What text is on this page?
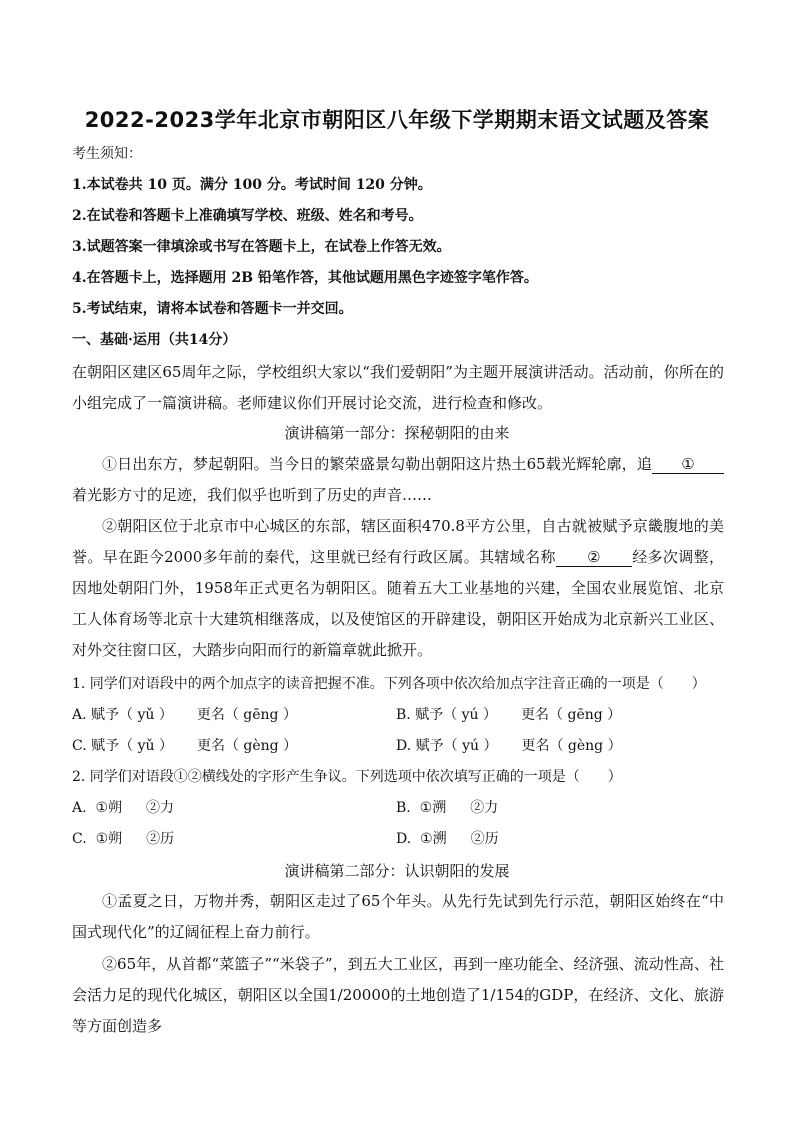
2022-2023学年北京市朝阳区八年级下学期期末语文试题及答案
考生须知：
1.本试卷共 10 页。满分 100 分。考试时间 120 分钟。
2.在试卷和答题卡上准确填写学校、班级、姓名和考号。
3.试题答案一律填涂或书写在答题卡上，在试卷上作答无效。
4.在答题卡上，选择题用 2B 铅笔作答，其他试题用黑色字迹签字笔作答。
5.考试结束，请将本试卷和答题卡一并交回。
一、基础·运用（共14分）
在朝阳区建区65周年之际，学校组织大家以“我们爱朝阳”为主题开展演讲活动。活动前，你所在的小组完成了一篇演讲稿。老师建议你们开展讨论交流，进行检查和修改。
演讲稿第一部分：探秘朝阳的由来
①日出东方，梦起朝阳。当今日的繁荣盛景勾勒出朝阳这片热土65载光辉轮廓，追 ①着光影方寸的足迹，我们似乎也听到了历史的声音……
②朝阳区位于北京市中心城区的东部，辖区面积470.8平方公里，自古就被赋予京畿腹地的美誉。早在距今2000多年前的秦代，这里就已经有行政区属。其辖域名称 ② 经多次调整，因地处朝阳门外，1958年正式更名为朝阳区。随着五大工业基地的兴建，全国农业展览馆、北京工人体育场等北京十大建筑相继落成，以及使馆区的开辟建设，朝阳区开始成为北京新兴工业区、对外交往窗口区，大踏步向阳而行的新篇章就此掀开。
1. 同学们对语段中的两个加点字的读音把握不准。下列各项中依次给加点字注音正确的一项是（　　）
A. 赋予（ yǔ ） 更名（ gēng ）	B. 赋予（ yú ） 更名（ gēng ）
C. 赋予（ yǔ ） 更名（ gèng ）	D. 赋予（ yú ） 更名（ gèng ）
2. 同学们对语段①②横线处的字形产生争议。下列选项中依次填写正确的一项是（　　）
A. ①朔 ②力	B. ①溯 ②力
C. ①朔 ②历	D. ①溯 ②历
演讲稿第二部分：认识朝阳的发展
①孟夏之日，万物并秀，朝阳区走过了65个年头。从先行先试到先行示范，朝阳区始终在“中国式现代化”的辽阔征程上奋力前行。
②65年，从首都“菜篮子”“米袋子”，到五大工业区，再到一座功能全、经济强、流动性高、社会活力足的现代化城区，朝阳区以全国1/20000的土地创造了1/154的GDP，在经济、文化、旅游等方面创造多
